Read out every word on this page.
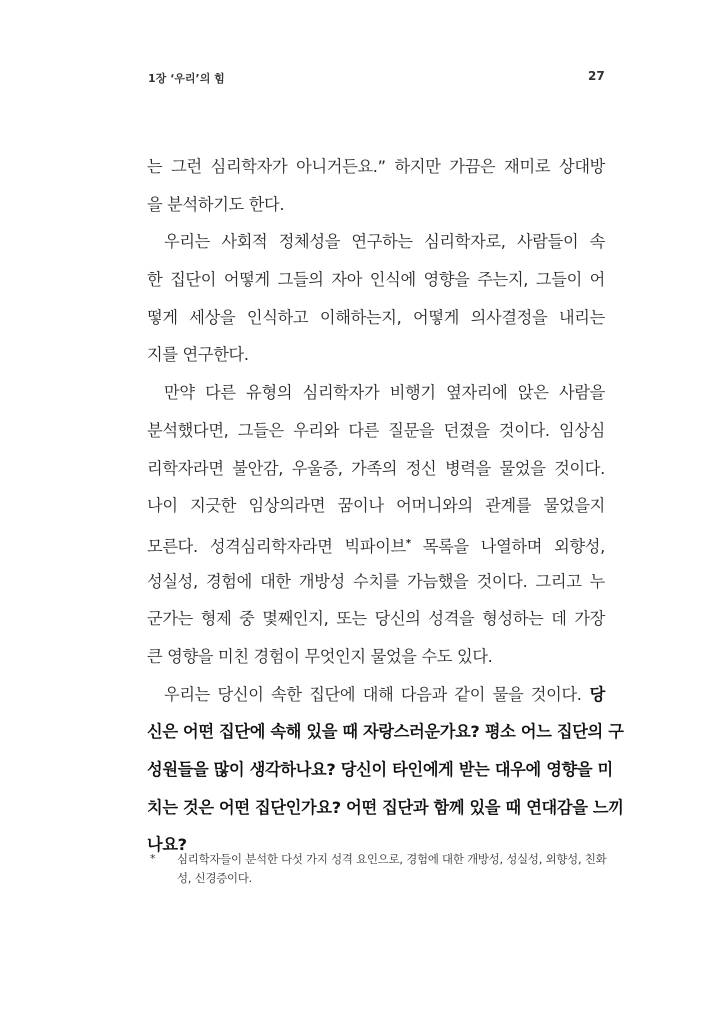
1장 ‘우리’의 힘	27
는 그런 심리학자가 아니거든요.” 하지만 가끔은 재미로 상대방
을 분석하기도 한다.
우리는 사회적 정체성을 연구하는 심리학자로, 사람들이 속
한 집단이 어떻게 그들의 자아 인식에 영향을 주는지, 그들이 어
떻게 세상을 인식하고 이해하는지, 어떻게 의사결정을 내리는
지를 연구한다.
만약 다른 유형의 심리학자가 비행기 옆자리에 앉은 사람을
분석했다면, 그들은 우리와 다른 질문을 던졌을 것이다. 임상심
리학자라면 불안감, 우울증, 가족의 정신 병력을 물었을 것이다.
나이 지긋한 임상의라면 꿈이나 어머니와의 관계를 물었을지
모른다. 성격심리학자라면 빅파이브* 목록을 나열하며 외향성,
성실성, 경험에 대한 개방성 수치를 가늠했을 것이다. 그리고 누
군가는 형제 중 몇째인지, 또는 당신의 성격을 형성하는 데 가장
큰 영향을 미친 경험이 무엇인지 물었을 수도 있다.
우리는 당신이 속한 집단에 대해 다음과 같이 물을 것이다. 당
신은 어떤 집단에 속해 있을 때 자랑스러운가요? 평소 어느 집단의 구
성원들을 많이 생각하나요? 당신이 타인에게 받는 대우에 영향을 미
치는 것은 어떤 집단인가요? 어떤 집단과 함께 있을 때 연대감을 느끼
나요?
* 심리학자들이 분석한 다섯 가지 성격 요인으로, 경험에 대한 개방성, 성실성, 외향성, 친화성, 신경증이다.
